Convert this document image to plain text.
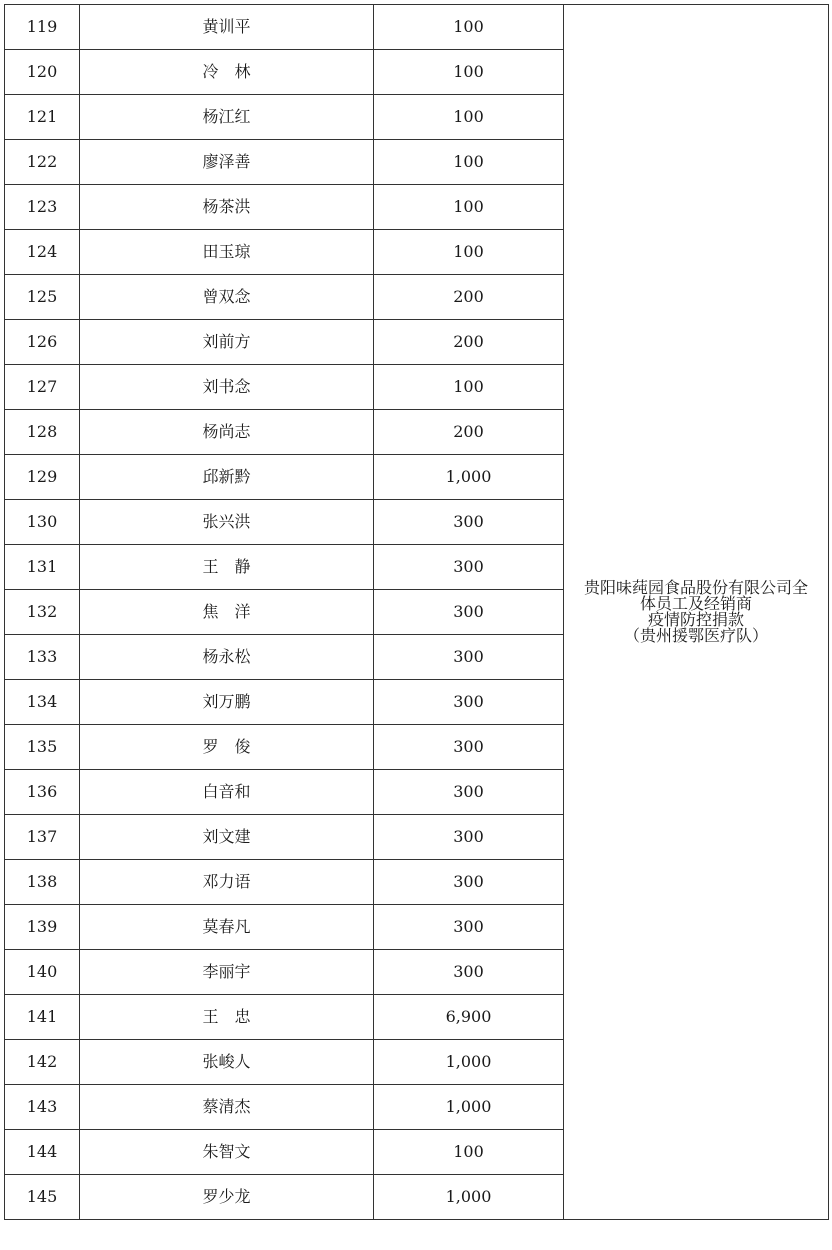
119	黄训平	100	贵阳味莼园食品股份有限公司全
体员工及经销商
疫情防控捐款
（贵州援鄂医疗队）

120	冷　林	100	
121	杨江红	100	
122	廖泽善	100	
123	杨茶洪	100	
124	田玉琼	100	
125	曾双念	200	
126	刘前方	200	
127	刘书念	100	
128	杨尚志	200	
129	邱新黔	1,000	
130	张兴洪	300	
131	王　静	300	
132	焦　洋	300	
133	杨永松	300	
134	刘万鹏	300	
135	罗　俊	300	
136	白音和	300	
137	刘文建	300	
138	邓力语	300	
139	莫春凡	300	
140	李丽宇	300	
141	王　忠	6,900	
142	张峻人	1,000	
143	蔡清杰	1,000	
144	朱智文	100	
145	罗少龙	1,000	
